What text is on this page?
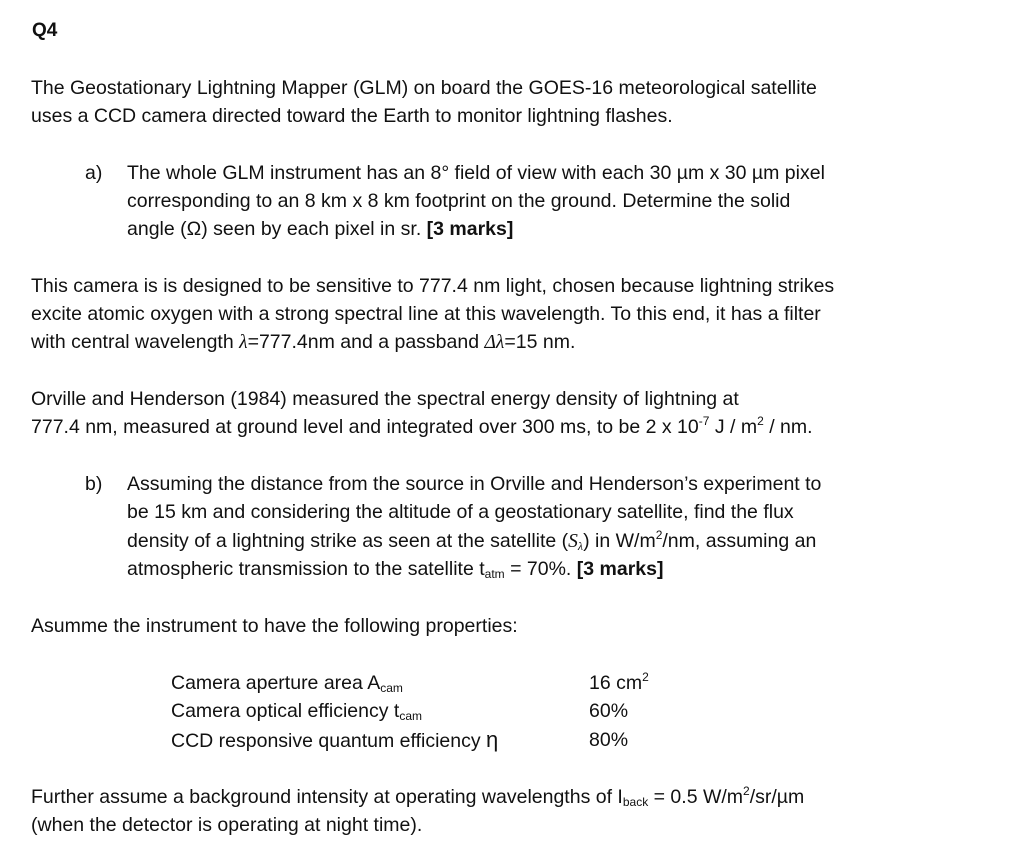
Q4
The Geostationary Lightning Mapper (GLM) on board the GOES-16 meteorological satellite
uses a CCD camera directed toward the Earth to monitor lightning flashes.
a) The whole GLM instrument has an 8° field of view with each 30 µm x 30 µm pixel
corresponding to an 8 km x 8 km footprint on the ground. Determine the solid
angle (Ω) seen by each pixel in sr. [3 marks]
This camera is is designed to be sensitive to 777.4 nm light, chosen because lightning strikes
excite atomic oxygen with a strong spectral line at this wavelength. To this end, it has a filter
with central wavelength λ=777.4nm and a passband Δλ=15 nm.
Orville and Henderson (1984) measured the spectral energy density of lightning at
777.4 nm, measured at ground level and integrated over 300 ms, to be 2 x $10^{-7}$ J / $m^2$ / nm.
b) Assuming the distance from the source in Orville and Henderson’s experiment to
be 15 km and considering the altitude of a geostationary satellite, find the flux
density of a lightning strike as seen at the satellite $(S_\lambda)$ in $W/m^2/nm$, assuming an
atmospheric transmission to the satellite $t_{atm} = 70\%$. [3 marks]
Asumme the instrument to have the following properties:
Camera aperture area $A_{cam}$	16 $cm^2$
Camera optical efficiency $t_{cam}$	60%
CCD responsive quantum efficiency η	80%
Further assume a background intensity at operating wavelengths of $I_{back} = 0.5$ $W/m^2/sr/\mu m$
(when the detector is operating at night time).
